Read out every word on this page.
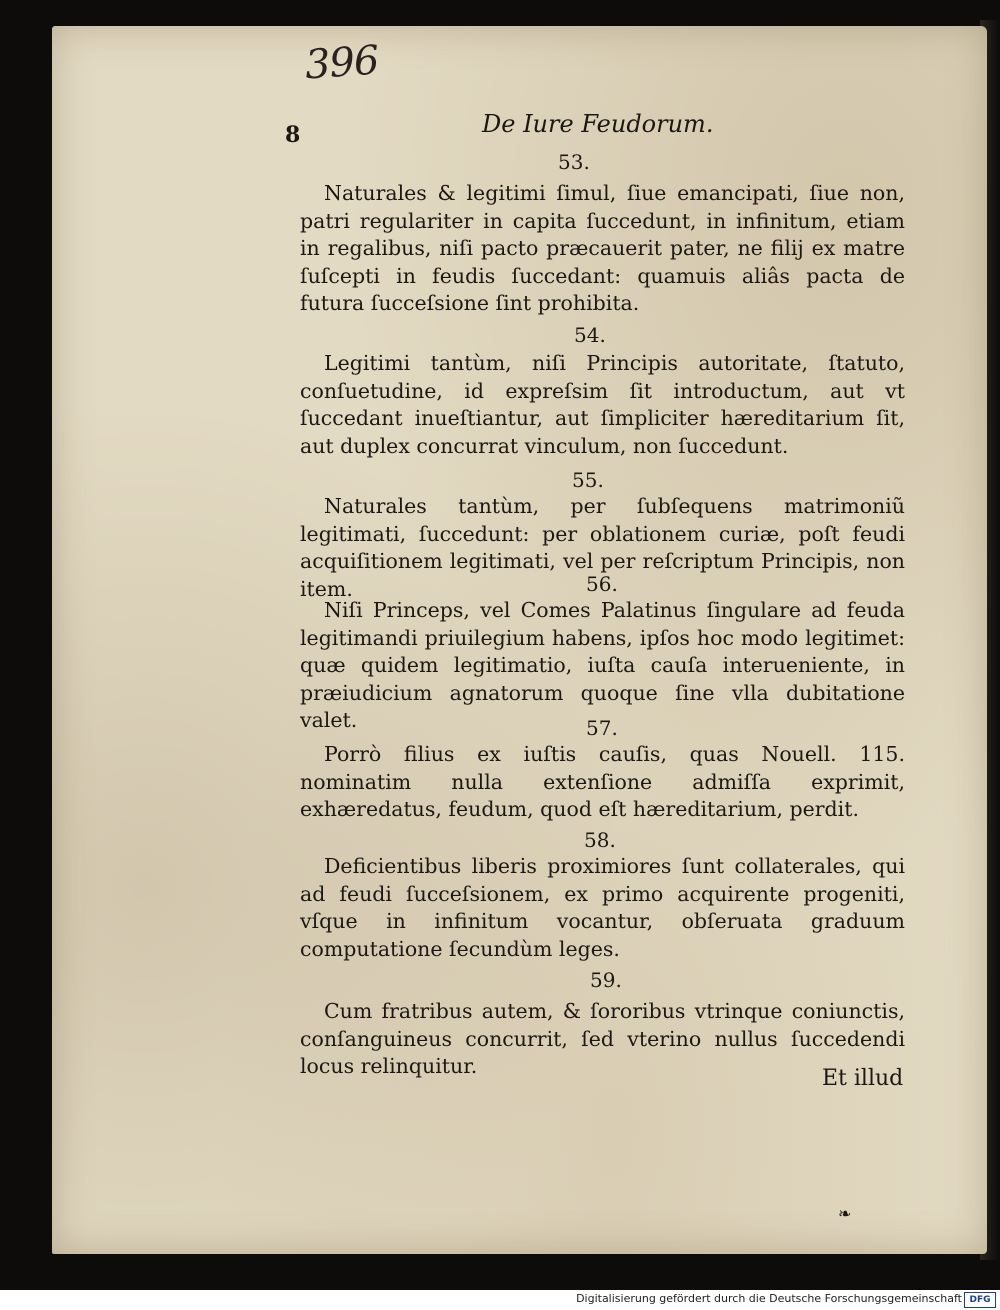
396
8	De Iure Feudorum.
53.
Naturales & legitimi ſimul, ſiue emancipati, ſiue non, patri regulariter in capita ſuccedunt, in infinitum, etiam in regalibus, niſi pacto præcauerit pater, ne filij ex matre ſuſcepti in feudis ſuccedant: quamuis aliâs pacta de futura ſucceſsione ſint prohibita.
54.
Legitimi tantùm, niſi Principis autoritate, ſtatuto, conſuetudine, id expreſsim ſit introductum, aut vt ſuccedant inueſtiantur, aut ſimpliciter hæreditarium ſit, aut duplex concurrat vinculum, non ſuccedunt.
55.
Naturales tantùm, per ſubſequens matrimoniũ legitimati, ſuccedunt: per oblationem curiæ, poſt feudi acquiſitionem legitimati, vel per reſcriptum Principis, non item.	56.
Niſi Princeps, vel Comes Palatinus ſingulare ad feuda legitimandi priuilegium habens, ipſos hoc modo legitimet: quæ quidem legitimatio, iuſta cauſa interueniente, in præiudicium agnatorum quoque ſine vlla dubitatione valet.	57.
Porrò filius ex iuſtis cauſis, quas Nouell. 115. nominatim nulla extenſione admiſſa exprimit, exhæredatus, feudum, quod eſt hæreditarium, perdit.
58.
Deficientibus liberis proximiores ſunt collaterales, qui ad feudi ſucceſsionem, ex primo acquirente progeniti, vſque in infinitum vocantur, obſeruata graduum computatione ſecundùm leges.
59.
Cum fratribus autem, & ſororibus vtrinque coniunctis, conſanguineus concurrit, ſed vterino nullus ſuccedendi locus relinquitur.	Et illud
❧
Digitalisierung gefördert durch die Deutsche Forschungsgemeinschaft DFG
